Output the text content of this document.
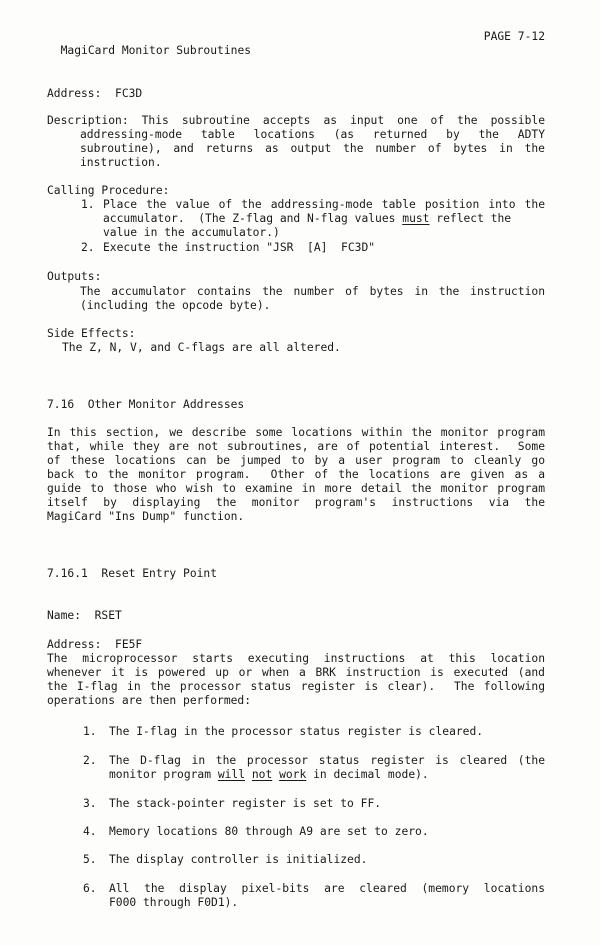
MagiCard Monitor Subroutines

PAGE 7-12
Address: FC3D
Description: This subroutine accepts as input one of the possible
addressing-mode table locations (as returned by the ADTY
subroutine), and returns as output the number of bytes in the
instruction.
Calling Procedure:
1. Place the value of the addressing-mode table position into the
accumulator.  (The Z-flag and N-flag values must reflect the
value in the accumulator.)
2. Execute the instruction "JSR  [A]  FC3D"
Outputs:
The accumulator contains the number of bytes in the instruction
(including the opcode byte).
Side Effects:
The Z, N, V, and C-flags are all altered.
7.16  Other Monitor Addresses
In this section, we describe some locations within the monitor program
that, while they are not subroutines, are of potential interest.  Some
of these locations can be jumped to by a user program to cleanly go
back to the monitor program.  Other of the locations are given as a
guide to those who wish to examine in more detail the monitor program
itself by displaying the monitor program's instructions via the
MagiCard "Ins Dump" function.
7.16.1  Reset Entry Point
Name: RSET
Address: FE5F
The microprocessor starts executing instructions at this location
whenever it is powered up or when a BRK instruction is executed (and
the I-flag in the processor status register is clear).  The following
operations are then performed:
1. The I-flag in the processor status register is cleared.
2. The D-flag in the processor status register is cleared (the
monitor program will not work in decimal mode).
3. The stack-pointer register is set to FF.
4. Memory locations 80 through A9 are set to zero.
5. The display controller is initialized.
6. All the display pixel-bits are cleared (memory locations
F000 through F0D1).
